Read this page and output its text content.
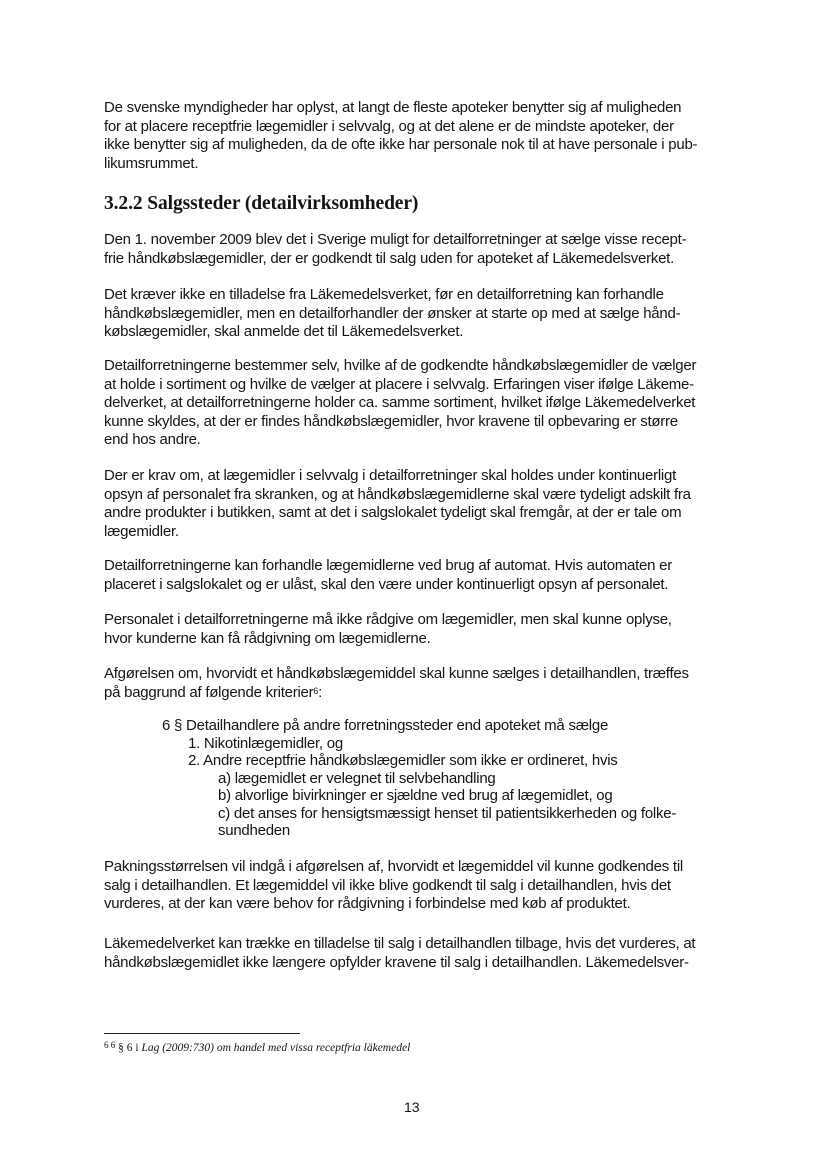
De svenske myndigheder har oplyst, at langt de fleste apoteker benytter sig af muligheden
for at placere receptfrie lægemidler i selvvalg, og at det alene er de mindste apoteker, der
ikke benytter sig af muligheden, da de ofte ikke har personale nok til at have personale i pub-
likumsrummet.
3.2.2 Salgssteder (detailvirksomheder)
Den 1. november 2009 blev det i Sverige muligt for detailforretninger at sælge visse recept-
frie håndkøbslægemidler, der er godkendt til salg uden for apoteket af Läkemedelsverket.
Det kræver ikke en tilladelse fra Läkemedelsverket, før en detailforretning kan forhandle
håndkøbslægemidler, men en detailforhandler der ønsker at starte op med at sælge hånd-
købslægemidler, skal anmelde det til Läkemedelsverket.
Detailforretningerne bestemmer selv, hvilke af de godkendte håndkøbslægemidler de vælger
at holde i sortiment og hvilke de vælger at placere i selvvalg. Erfaringen viser ifølge Läkeme-
delverket, at detailforretningerne holder ca. samme sortiment, hvilket ifølge Läkemedelverket
kunne skyldes, at der er findes håndkøbslægemidler, hvor kravene til opbevaring er større
end hos andre.
Der er krav om, at lægemidler i selvvalg i detailforretninger skal holdes under kontinuerligt
opsyn af personalet fra skranken, og at håndkøbslægemidlerne skal være tydeligt adskilt fra
andre produkter i butikken, samt at det i salgslokalet tydeligt skal fremgår, at der er tale om
lægemidler.
Detailforretningerne kan forhandle lægemidlerne ved brug af automat. Hvis automaten er
placeret i salgslokalet og er ulåst, skal den være under kontinuerligt opsyn af personalet.
Personalet i detailforretningerne må ikke rådgive om lægemidler, men skal kunne oplyse,
hvor kunderne kan få rådgivning om lægemidlerne.
Afgørelsen om, hvorvidt et håndkøbslægemiddel skal kunne sælges i detailhandlen, træffes
på baggrund af følgende kriterier$^6$:
6 § Detailhandlere på andre forretningssteder end apoteket må sælge
1. Nikotinlægemidler, og
2. Andre receptfrie håndkøbslægemidler som ikke er ordineret, hvis
a) lægemidlet er velegnet til selvbehandling
b) alvorlige bivirkninger er sjældne ved brug af lægemidlet, og
c) det anses for hensigtsmæssigt henset til patientsikkerheden og folke-
sundheden
Pakningsstørrelsen vil indgå i afgørelsen af, hvorvidt et lægemiddel vil kunne godkendes til
salg i detailhandlen. Et lægemiddel vil ikke blive godkendt til salg i detailhandlen, hvis det
vurderes, at der kan være behov for rådgivning i forbindelse med køb af produktet.
Läkemedelverket kan trække en tilladelse til salg i detailhandlen tilbage, hvis det vurderes, at
håndkøbslægemidlet ikke længere opfylder kravene til salg i detailhandlen. Läkemedelsver-
$^{6 6}$ § 6 i Lag (2009:730) om handel med vissa receptfria läkemedel
13
